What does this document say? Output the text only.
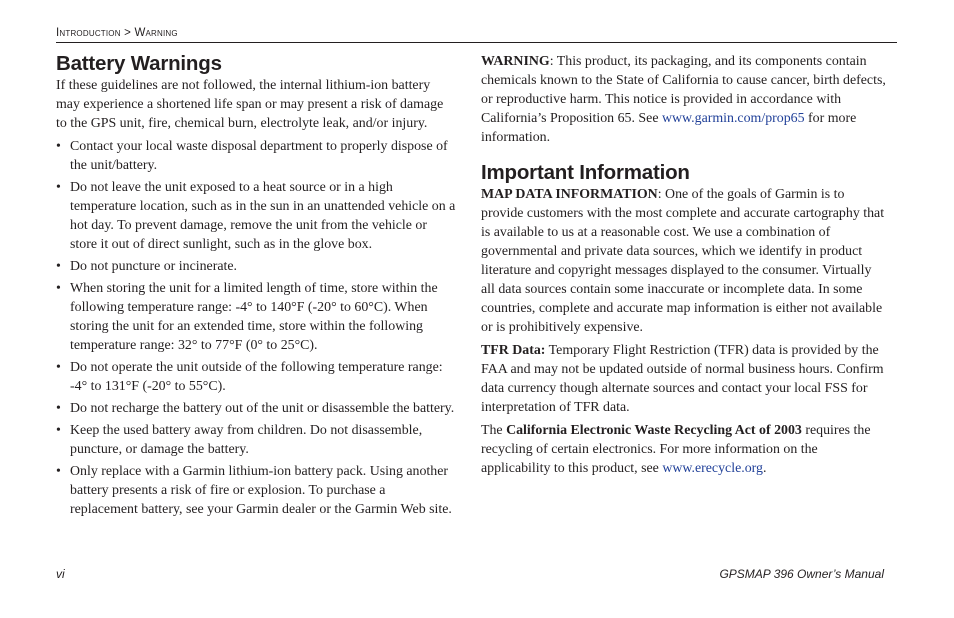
Introduction > Warning
Battery Warnings

If these guidelines are not followed, the internal lithium-ion battery may experience a shortened life span or may present a risk of damage to the GPS unit, fire, chemical burn, electrolyte leak, and/or injury.

• Contact your local waste disposal department to properly dispose of the unit/battery.
• Do not leave the unit exposed to a heat source or in a high temperature location, such as in the sun in an unattended vehicle on a hot day. To prevent damage, remove the unit from the vehicle or store it out of direct sunlight, such as in the glove box.
• Do not puncture or incinerate.
• When storing the unit for a limited length of time, store within the following temperature range: -4° to 140°F (-20° to 60°C). When storing the unit for an extended time, store within the following temperature range: 32° to 77°F (0° to 25°C).
• Do not operate the unit outside of the following temperature range: -4° to 131°F (-20° to 55°C).
• Do not recharge the battery out of the unit or disassemble the battery.
• Keep the used battery away from children. Do not disassemble, puncture, or damage the battery.
• Only replace with a Garmin lithium-ion battery pack. Using another battery presents a risk of fire or explosion. To purchase a replacement battery, see your Garmin dealer or the Garmin Web site.

WARNING: This product, its packaging, and its components contain chemicals known to the State of California to cause cancer, birth defects, or reproductive harm. This notice is provided in accordance with California’s Proposition 65. See www.garmin.com/prop65 for more information.

Important Information

MAP DATA INFORMATION: One of the goals of Garmin is to provide customers with the most complete and accurate cartography that is available to us at a reasonable cost. We use a combination of governmental and private data sources, which we identify in product literature and copyright messages displayed to the consumer. Virtually all data sources contain some inaccurate or incomplete data. In some countries, complete and accurate map information is either not available or is prohibitively expensive.

TFR Data: Temporary Flight Restriction (TFR) data is provided by the FAA and may not be updated outside of normal business hours. Confirm data currency though alternate sources and contact your local FSS for interpretation of TFR data.

The California Electronic Waste Recycling Act of 2003 requires the recycling of certain electronics. For more information on the applicability to this product, see www.erecycle.org.

vi	GPSMAP 396 Owner’s Manual
